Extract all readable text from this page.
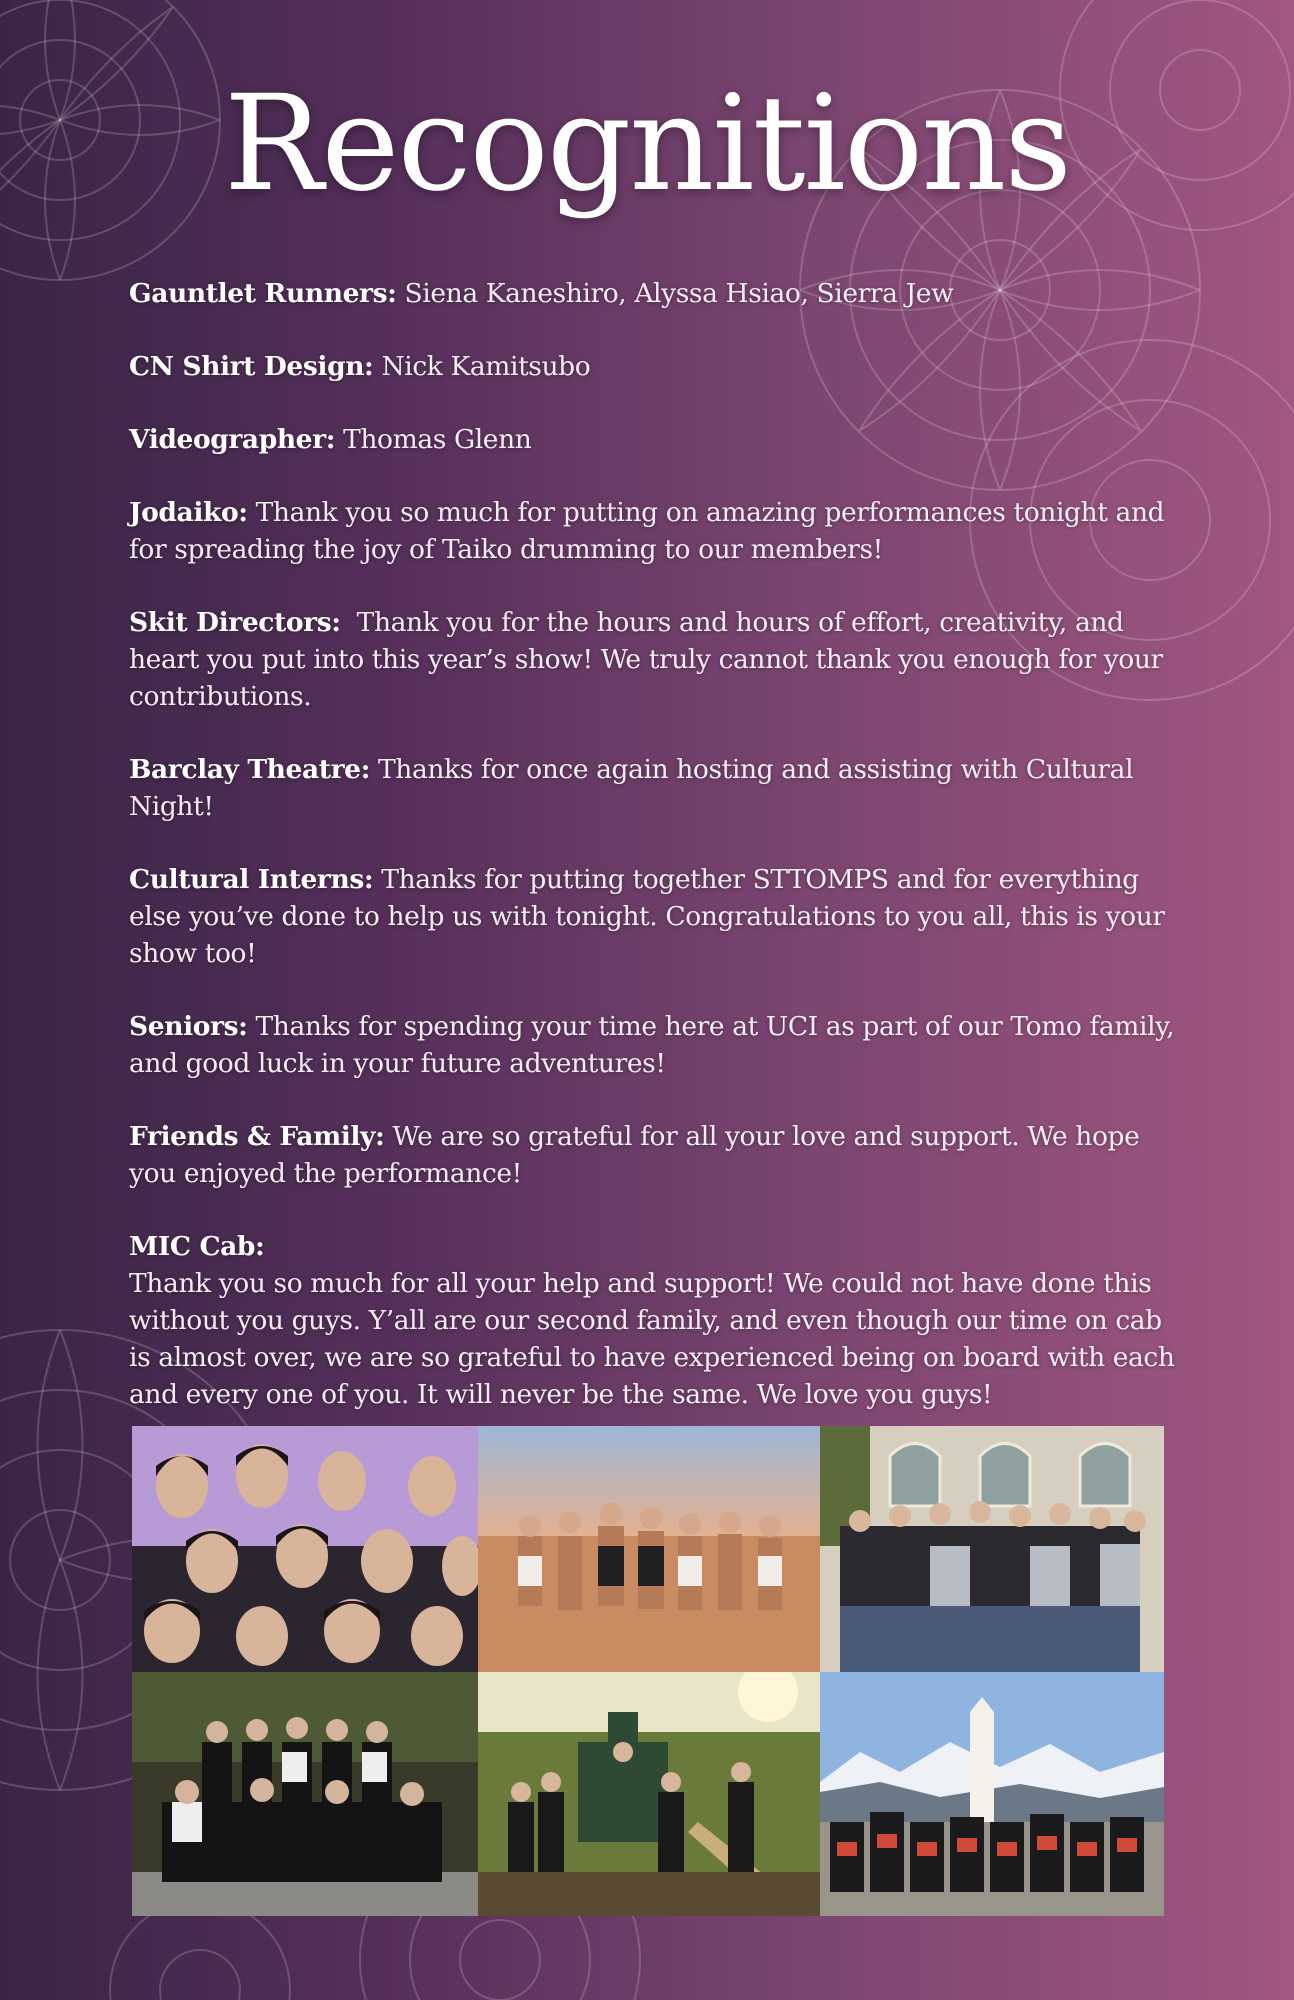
Recognitions

Gauntlet Runners: Siena Kaneshiro, Alyssa Hsiao, Sierra Jew

CN Shirt Design: Nick Kamitsubo

Videographer: Thomas Glenn

Jodaiko: Thank you so much for putting on amazing performances tonight and for spreading the joy of Taiko drumming to our members!

Skit Directors:  Thank you for the hours and hours of effort, creativity, and heart you put into this year’s show! We truly cannot thank you enough for your contributions.

Barclay Theatre: Thanks for once again hosting and assisting with Cultural Night!

Cultural Interns: Thanks for putting together STTOMPS and for everything else you’ve done to help us with tonight. Congratulations to you all, this is your show too!

Seniors: Thanks for spending your time here at UCI as part of our Tomo family, and good luck in your future adventures!

Friends & Family: We are so grateful for all your love and support. We hope you enjoyed the performance!

MIC Cab:
Thank you so much for all your help and support! We could not have done this without you guys. Y’all are our second family, and even though our time on cab is almost over, we are so grateful to have experienced being on board with each and every one of you. It will never be the same. We love you guys!
